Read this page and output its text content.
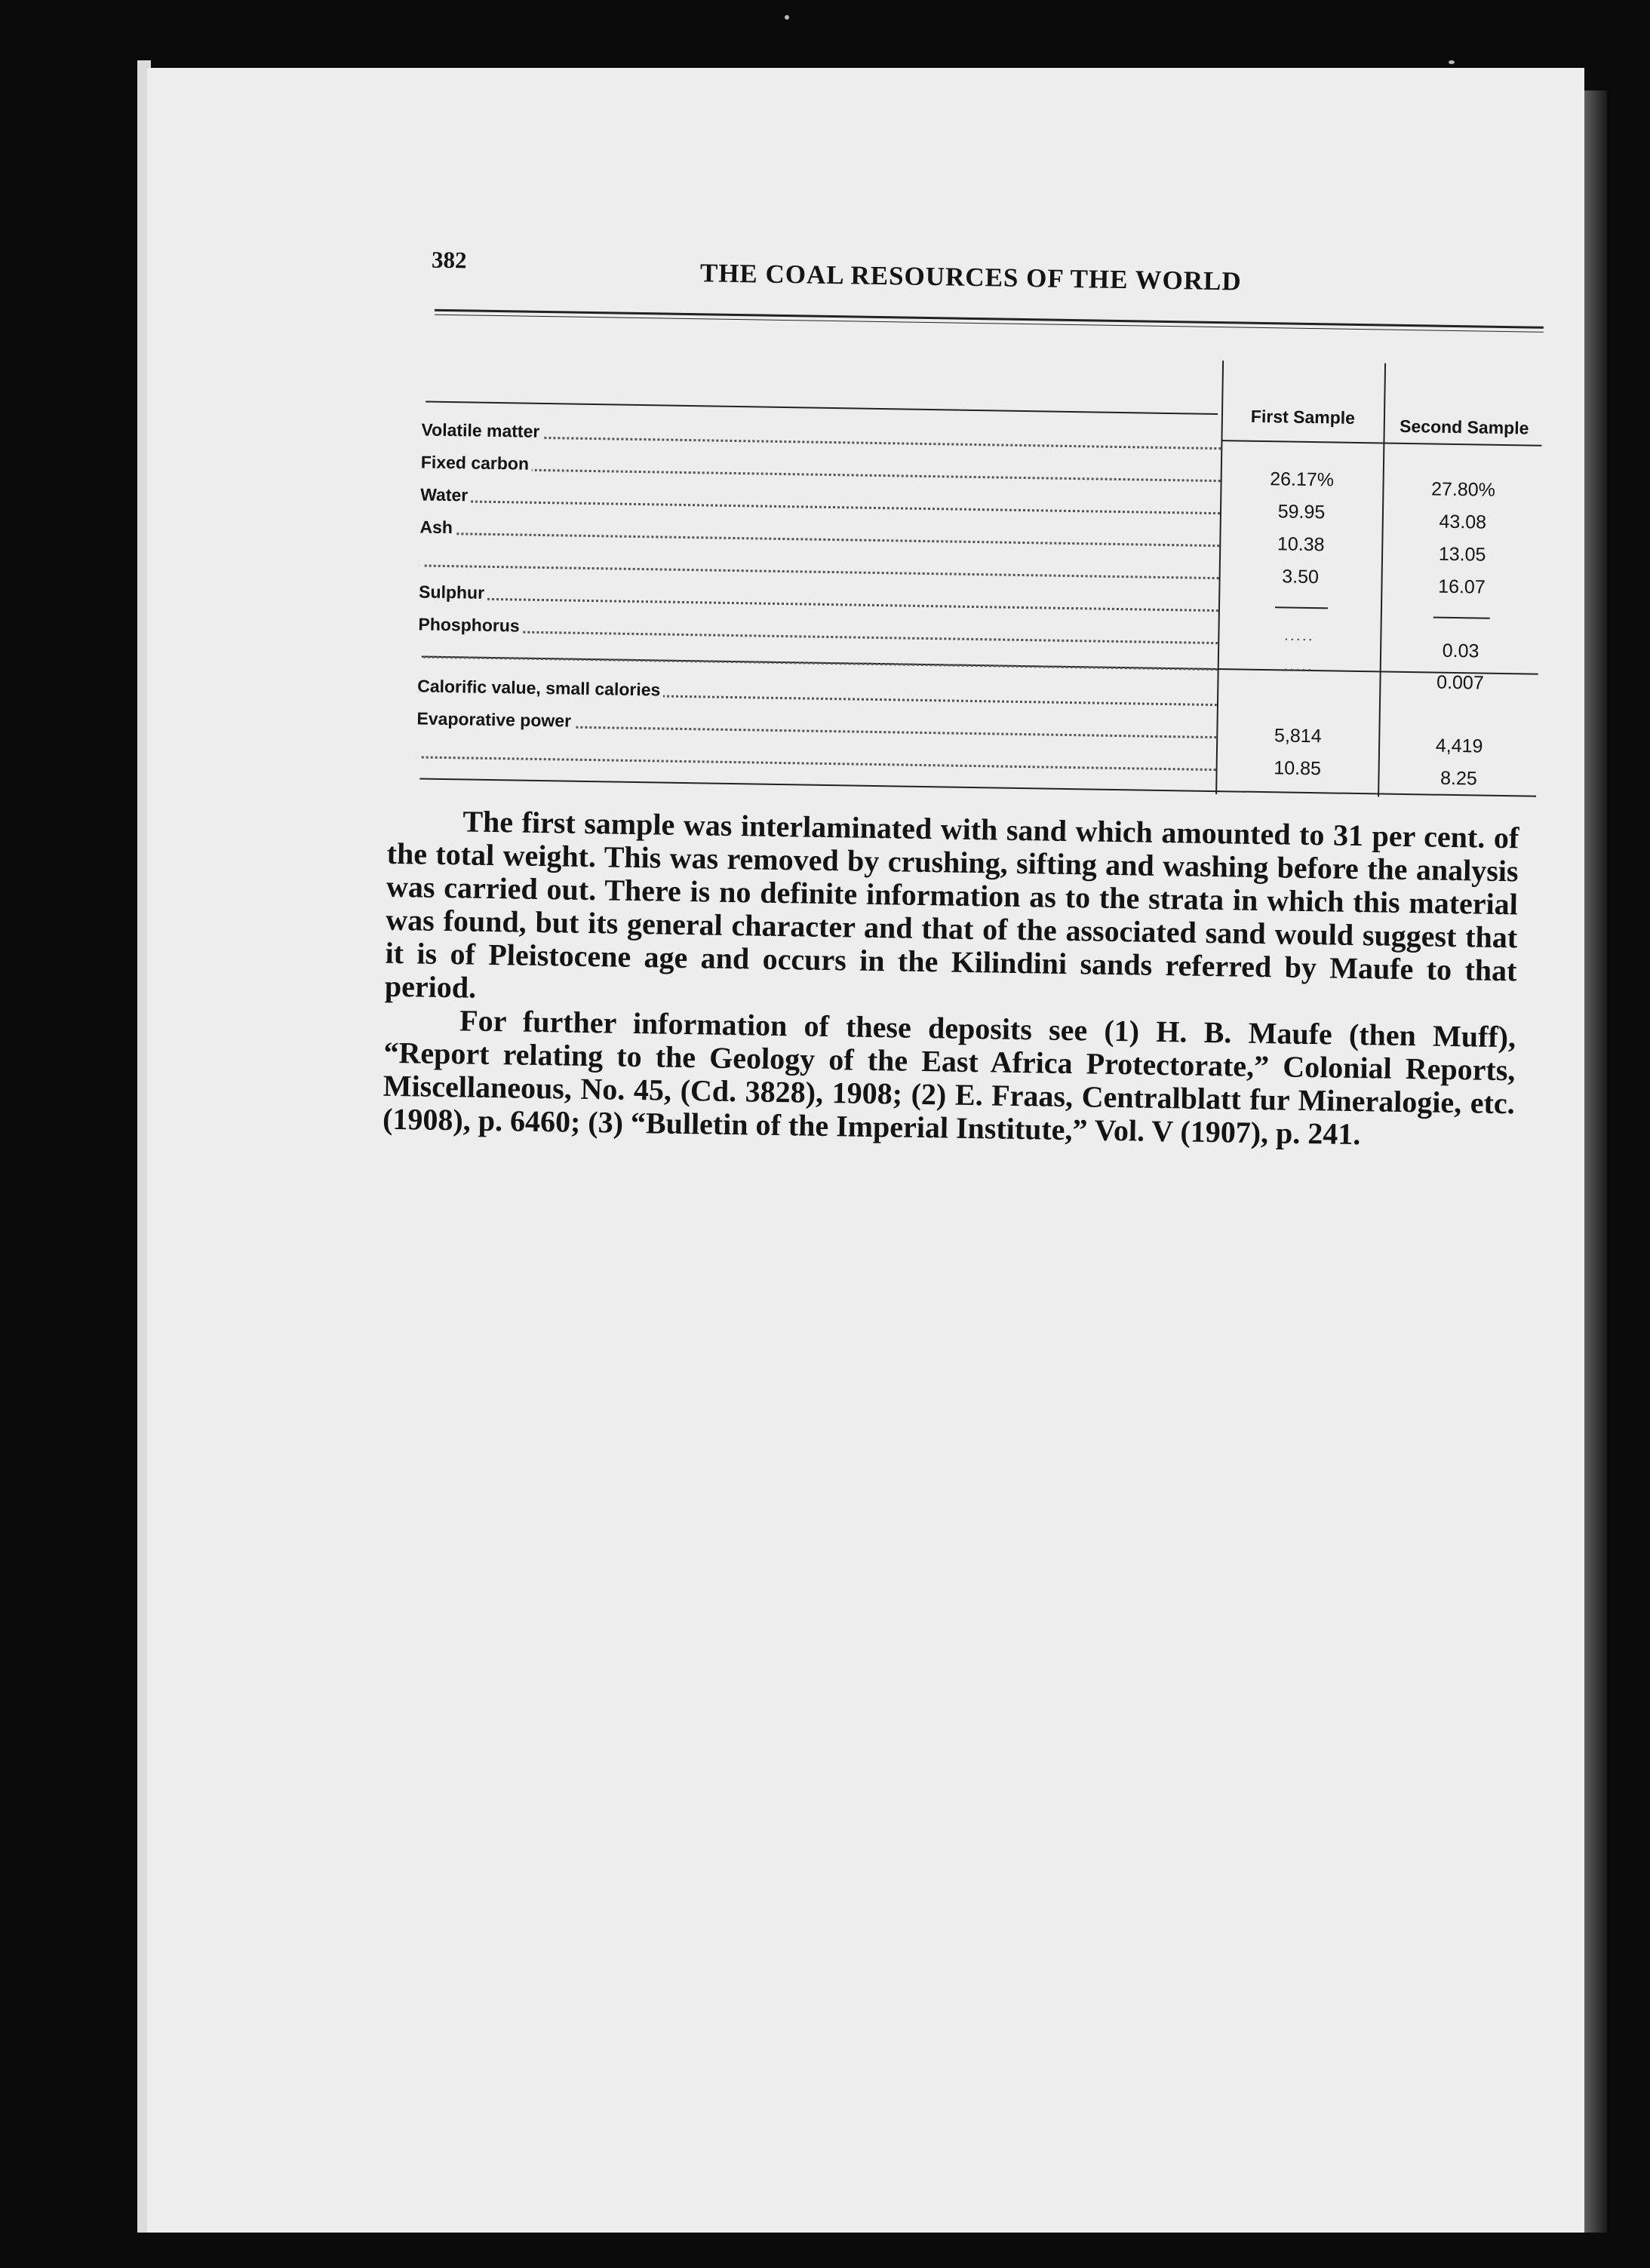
382	THE COAL RESOURCES OF THE WORLD
First Sample	Second Sample
Volatile matter
Fixed carbon
Water
Ash
Sulphur
Phosphorus
Calorific value, small calories
Evaporative power
26.17%
59.95
10.38
3.50
.....
.....
5,814
10.85
27.80%
43.08
13.05
16.07
0.03
0.007
4,419
8.25

The first sample was interlaminated with sand which amounted to 31 per cent. of the total weight. This was removed by crushing, sifting and washing before the analysis was carried out. There is no definite information as to the strata in which this material was found, but its general character and that of the associated sand would suggest that it is of Pleistocene age and occurs in the Kilindini sands referred by Maufe to that period.

For further information of these deposits see (1) H. B. Maufe (then Muff), “Report relating to the Geology of the East Africa Protectorate,” Colonial Reports, Miscellaneous, No. 45, (Cd. 3828), 1908; (2) E. Fraas, Centralblatt fur Mineralogie, etc. (1908), p. 6460; (3) “Bulletin of the Imperial Institute,” Vol. V (1907), p. 241.
